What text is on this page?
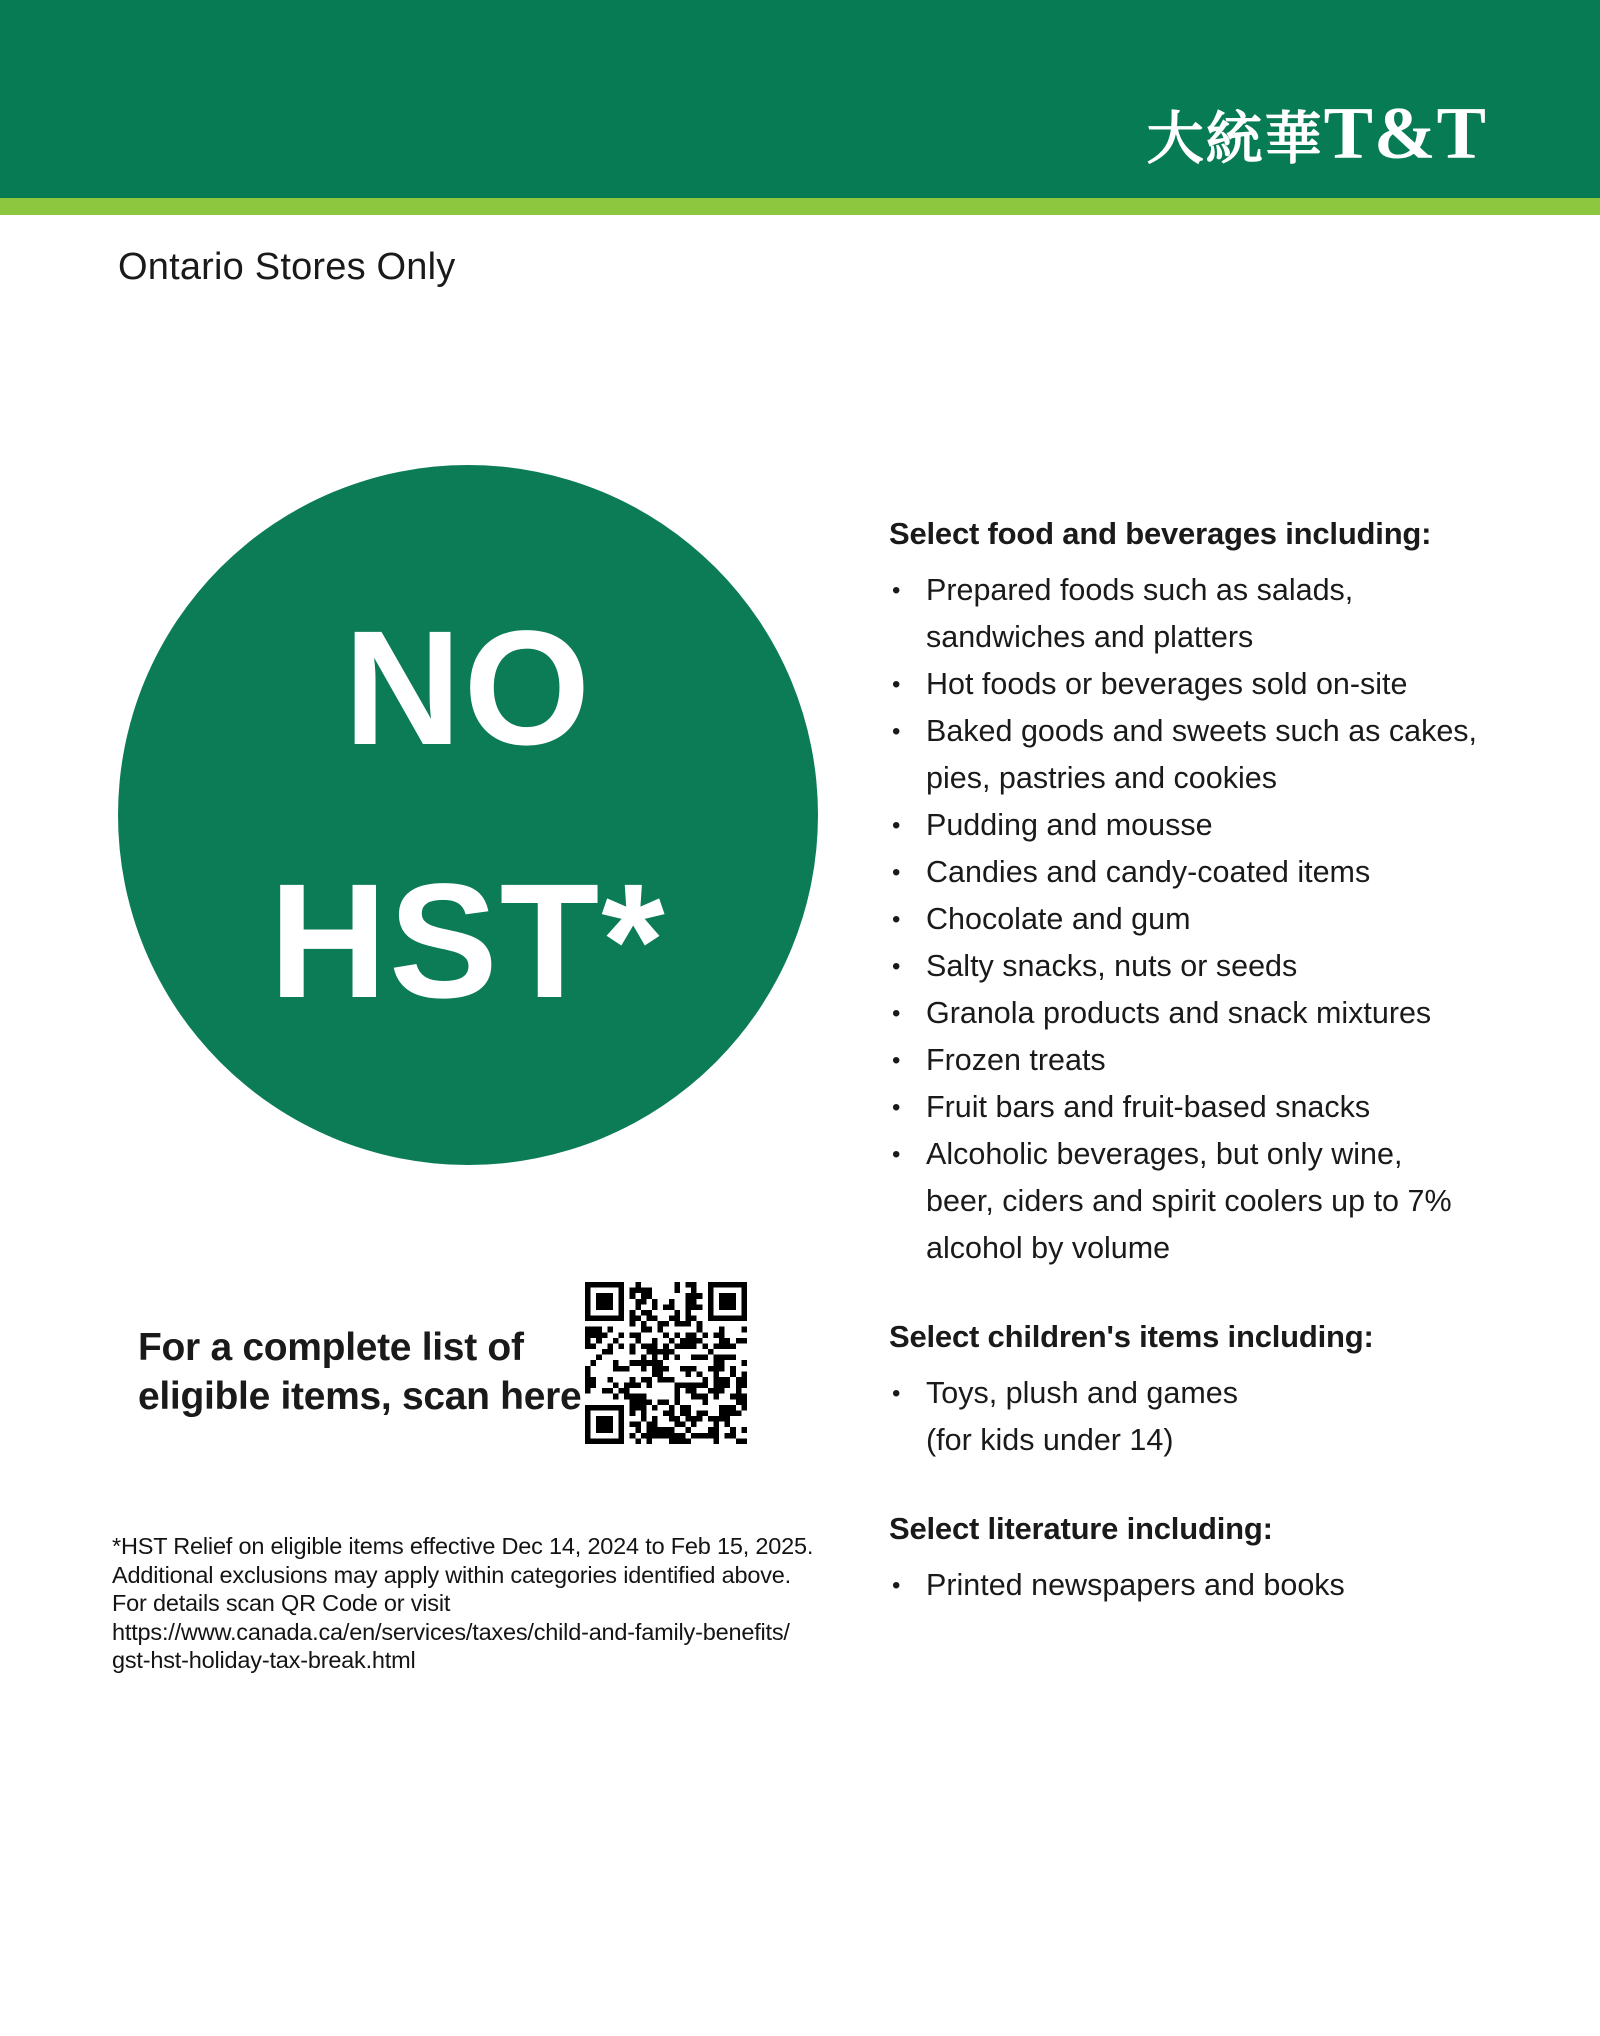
大統華 T&T
Ontario Stores Only
NO
HST*
Select food and beverages including:
• Prepared foods such as salads,
sandwiches and platters
• Hot foods or beverages sold on-site
• Baked goods and sweets such as cakes,
pies, pastries and cookies
• Pudding and mousse
• Candies and candy-coated items
• Chocolate and gum
• Salty snacks, nuts or seeds
• Granola products and snack mixtures
• Frozen treats
• Fruit bars and fruit-based snacks
• Alcoholic beverages, but only wine,
beer, ciders and spirit coolers up to 7%
alcohol by volume
Select children's items including:
• Toys, plush and games
(for kids under 14)
Select literature including:
• Printed newspapers and books
For a complete list of
eligible items, scan here
*HST Relief on eligible items effective Dec 14, 2024 to Feb 15, 2025.
Additional exclusions may apply within categories identified above.
For details scan QR Code or visit
https://www.canada.ca/en/services/taxes/child-and-family-benefits/
gst-hst-holiday-tax-break.html
